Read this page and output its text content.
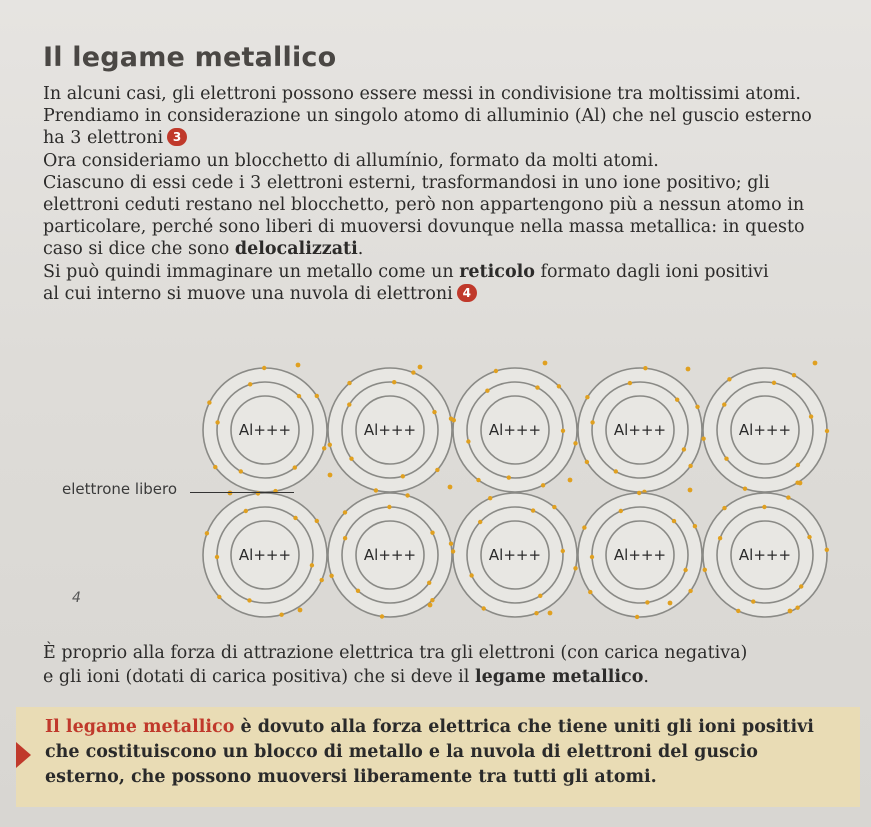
Il legame metallico
In alcuni casi, gli elettroni possono essere messi in condivisione tra moltissimi atomi.
Prendiamo in considerazione un singolo atomo di alluminio (Al) che nel guscio esterno
ha 3 elettroni 3
Ora consideriamo un blocchetto di allumínio, formato da molti atomi.
Ciascuno di essi cede i 3 elettroni esterni, trasformandosi in uno ione positivo; gli
elettroni ceduti restano nel blocchetto, però non appartengono più a nessun atomo in
particolare, perché sono liberi di muoversi dovunque nella massa metallica: in questo
caso si dice che sono delocalizzati.
Si può quindi immaginare un metallo come un reticolo formato dagli ioni positivi
al cui interno si muove una nuvola di elettroni 4
Al+++	Al+++	Al+++	Al+++	Al+++
Al+++	Al+++	Al+++	Al+++	Al+++
elettrone libero
4
È proprio alla forza di attrazione elettrica tra gli elettroni (con carica negativa)
e gli ioni (dotati di carica positiva) che si deve il legame metallico.
Il legame metallico è dovuto alla forza elettrica che tiene uniti gli ioni positivi
che costituiscono un blocco di metallo e la nuvola di elettroni del guscio
esterno, che possono muoversi liberamente tra tutti gli atomi.
